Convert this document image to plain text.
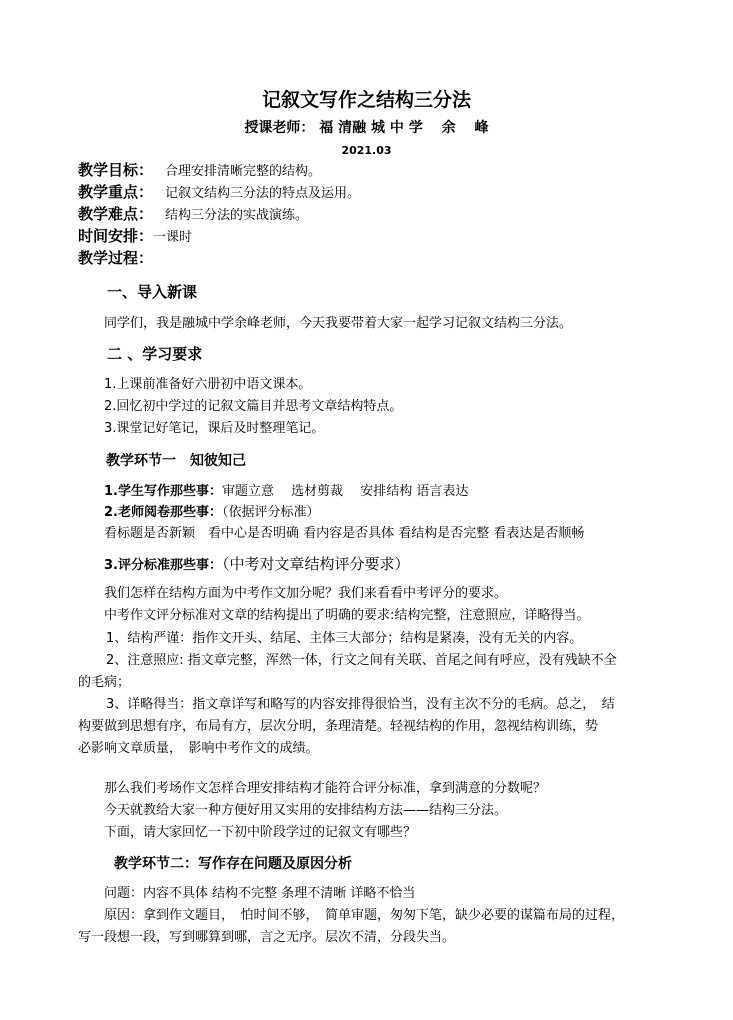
记叙文写作之结构三分法
授课老师： 福 清融 城 中 学　 余　 峰
2021.03
教学目标： 合理安排清晰完整的结构。
教学重点： 记叙文结构三分法的特点及运用。
教学难点： 结构三分法的实战演练。
时间安排：一课时
教学过程：
一、导入新课
同学们，我是融城中学余峰老师，今天我要带着大家一起学习记叙文结构三分法。
二 、学习要求
1.上课前准备好六册初中语文课本。
2.回忆初中学过的记叙文篇目并思考文章结构特点。
3.课堂记好笔记，课后及时整理笔记。
教学环节一　知彼知己
1.学生写作那些事：审题立意　 选材剪裁　 安排结构 语言表达
2.老师阅卷那些事：（依据评分标准）
看标题是否新颖　看中心是否明确 看内容是否具体 看结构是否完整 看表达是否顺畅
3.评分标准那些事：（中考对文章结构评分要求）
我们怎样在结构方面为中考作文加分呢？我们来看看中考评分的要求。
中考作文评分标准对文章的结构提出了明确的要求:结构完整，注意照应，详略得当。
1、结构严谨：指作文开头、结尾、主体三大部分；结构是紧凑，没有无关的内容。
2、注意照应: 指文章完整，浑然一体，行文之间有关联、首尾之间有呼应，没有残缺不全
的毛病；
3、详略得当：指文章详写和略写的内容安排得很恰当，没有主次不分的毛病。总之，　结
构要做到思想有序，布局有方，层次分明，条理清楚。轻视结构的作用，忽视结构训练，势
必影响文章质量，　影响中考作文的成绩。
那么我们考场作文怎样合理安排结构才能符合评分标准，拿到满意的分数呢？
今天就教给大家一种方便好用又实用的安排结构方法——结构三分法。
下面，请大家回忆一下初中阶段学过的记叙文有哪些？
教学环节二：写作存在问题及原因分析
问题：内容不具体 结构不完整 条理不清晰 详略不恰当
原因：拿到作文题目，　怕时间不够，　简单审题，匆匆下笔，缺少必要的谋篇布局的过程，
写一段想一段，写到哪算到哪，言之无序。层次不清，分段失当。
